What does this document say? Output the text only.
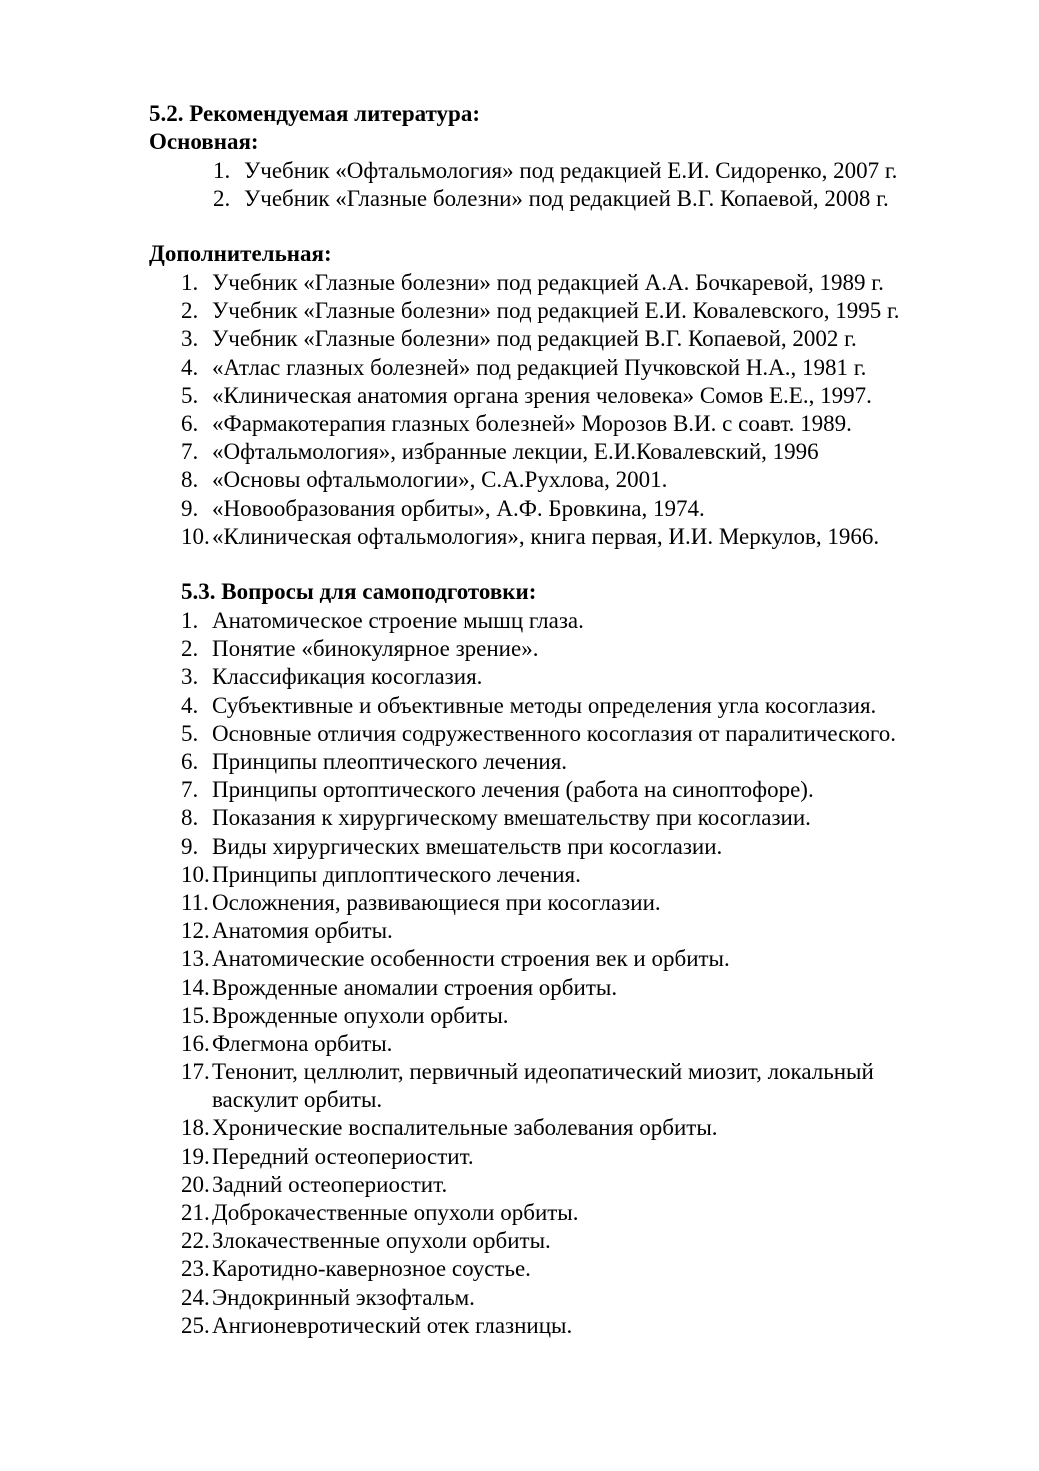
5.2. Рекомендуемая литература:
Основная:
1. Учебник «Офтальмология» под редакцией Е.И. Сидоренко, 2007 г.
2. Учебник «Глазные болезни» под редакцией В.Г. Копаевой, 2008 г.
Дополнительная:
1. Учебник «Глазные болезни» под редакцией А.А. Бочкаревой, 1989 г.
2. Учебник «Глазные болезни» под редакцией Е.И. Ковалевского, 1995 г.
3. Учебник «Глазные болезни» под редакцией В.Г. Копаевой, 2002 г.
4. «Атлас глазных болезней» под редакцией Пучковской Н.А., 1981 г.
5. «Клиническая анатомия органа зрения человека» Сомов Е.Е., 1997.
6. «Фармакотерапия глазных болезней» Морозов В.И. с соавт. 1989.
7. «Офтальмология», избранные лекции, Е.И.Ковалевский, 1996
8. «Основы офтальмологии», С.А.Рухлова, 2001.
9. «Новообразования орбиты», А.Ф. Бровкина, 1974.
10. «Клиническая офтальмология», книга первая, И.И. Меркулов, 1966.
5.3. Вопросы для самоподготовки:
1. Анатомическое строение мышц глаза.
2. Понятие «бинокулярное зрение».
3. Классификация косоглазия.
4. Субъективные и объективные методы определения угла косоглазия.
5. Основные отличия содружественного косоглазия от паралитического.
6. Принципы плеоптического лечения.
7. Принципы ортоптического лечения (работа на синоптофоре).
8. Показания к хирургическому вмешательству при косоглазии.
9. Виды хирургических вмешательств при косоглазии.
10. Принципы диплоптического лечения.
11. Осложнения, развивающиеся при косоглазии.
12. Анатомия орбиты.
13. Анатомические особенности строения век и орбиты.
14. Врожденные аномалии строения орбиты.
15. Врожденные опухоли орбиты.
16. Флегмона орбиты.
17. Тенонит, целлюлит, первичный идеопатический миозит, локальный
васкулит орбиты.
18. Хронические воспалительные заболевания орбиты.
19. Передний остеопериостит.
20. Задний остеопериостит.
21. Доброкачественные опухоли орбиты.
22. Злокачественные опухоли орбиты.
23. Каротидно-кавернозное соустье.
24. Эндокринный экзофтальм.
25. Ангионевротический отек глазницы.
